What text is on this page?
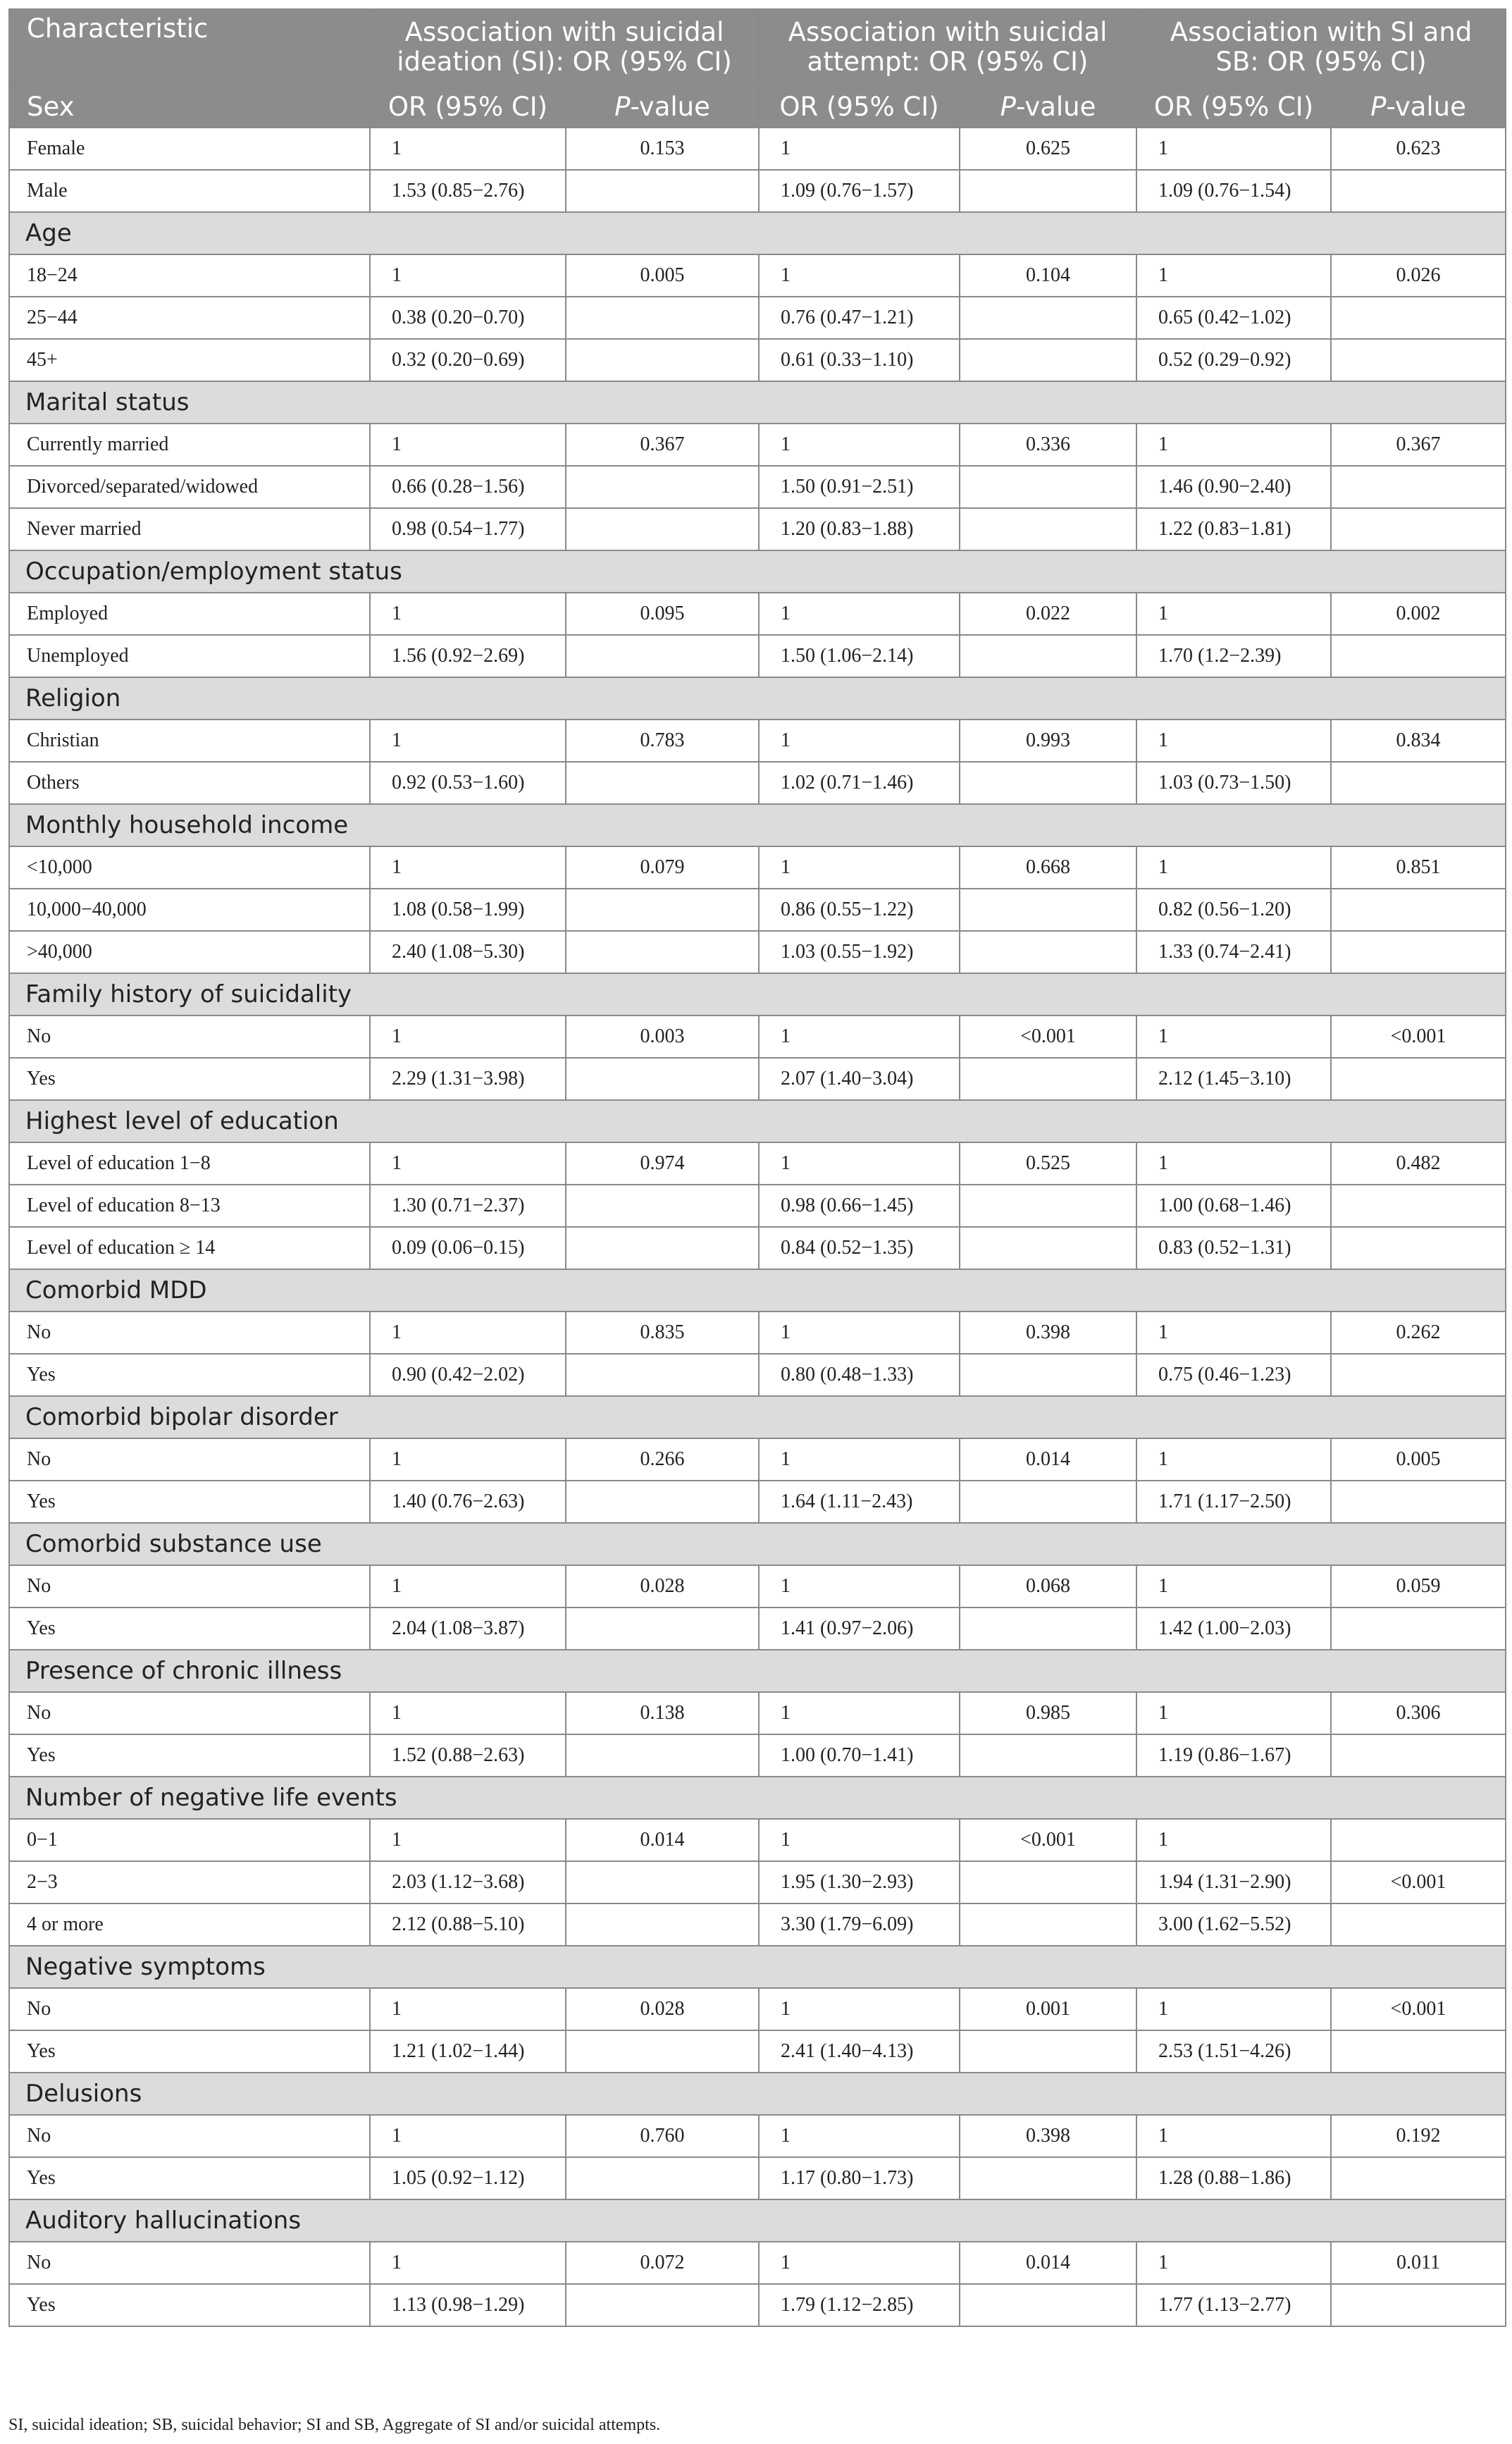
Characteristic	Association with suicidal ideation (SI): OR (95% CI)		Association with suicidal attempt: OR (95% CI)		Association with SI and SB: OR (95% CI)	
Sex	OR (95% CI)	P-value	OR (95% CI)	P-value	OR (95% CI)	P-value
Female	1	0.153	1	0.625	1	0.623
Male	1.53 (0.85−2.76)		1.09 (0.76−1.57)		1.09 (0.76−1.54)	
Age						
18−24	1	0.005	1	0.104	1	0.026
25−44	0.38 (0.20−0.70)		0.76 (0.47−1.21)		0.65 (0.42−1.02)	
45+	0.32 (0.20−0.69)		0.61 (0.33−1.10)		0.52 (0.29−0.92)	
Marital status						
Currently married	1	0.367	1	0.336	1	0.367
Divorced/separated/widowed	0.66 (0.28−1.56)		1.50 (0.91−2.51)		1.46 (0.90−2.40)	
Never married	0.98 (0.54−1.77)		1.20 (0.83−1.88)		1.22 (0.83−1.81)	
Occupation/employment status						
Employed	1	0.095	1	0.022	1	0.002
Unemployed	1.56 (0.92−2.69)		1.50 (1.06−2.14)		1.70 (1.2−2.39)	
Religion						
Christian	1	0.783	1	0.993	1	0.834
Others	0.92 (0.53−1.60)		1.02 (0.71−1.46)		1.03 (0.73−1.50)	
Monthly household income						
<10,000	1	0.079	1	0.668	1	0.851
10,000−40,000	1.08 (0.58−1.99)		0.86 (0.55−1.22)		0.82 (0.56−1.20)	
>40,000	2.40 (1.08−5.30)		1.03 (0.55−1.92)		1.33 (0.74−2.41)	
Family history of suicidality						
No	1	0.003	1	<0.001	1	<0.001
Yes	2.29 (1.31−3.98)		2.07 (1.40−3.04)		2.12 (1.45−3.10)	
Highest level of education						
Level of education 1−8	1	0.974	1	0.525	1	0.482
Level of education 8−13	1.30 (0.71−2.37)		0.98 (0.66−1.45)		1.00 (0.68−1.46)	
Level of education ≥ 14	0.09 (0.06−0.15)		0.84 (0.52−1.35)		0.83 (0.52−1.31)	
Comorbid MDD						
No	1	0.835	1	0.398	1	0.262
Yes	0.90 (0.42−2.02)		0.80 (0.48−1.33)		0.75 (0.46−1.23)	
Comorbid bipolar disorder						
No	1	0.266	1	0.014	1	0.005
Yes	1.40 (0.76−2.63)		1.64 (1.11−2.43)		1.71 (1.17−2.50)	
Comorbid substance use						
No	1	0.028	1	0.068	1	0.059
Yes	2.04 (1.08−3.87)		1.41 (0.97−2.06)		1.42 (1.00−2.03)	
Presence of chronic illness						
No	1	0.138	1	0.985	1	0.306
Yes	1.52 (0.88−2.63)		1.00 (0.70−1.41)		1.19 (0.86−1.67)	
Number of negative life events						
0−1	1	0.014	1	<0.001	1	
2−3	2.03 (1.12−3.68)		1.95 (1.30−2.93)		1.94 (1.31−2.90)	<0.001
4 or more	2.12 (0.88−5.10)		3.30 (1.79−6.09)		3.00 (1.62−5.52)	
Negative symptoms						
No	1	0.028	1	0.001	1	<0.001
Yes	1.21 (1.02−1.44)		2.41 (1.40−4.13)		2.53 (1.51−4.26)	
Delusions						
No	1	0.760	1	0.398	1	0.192
Yes	1.05 (0.92−1.12)		1.17 (0.80−1.73)		1.28 (0.88−1.86)	
Auditory hallucinations						
No	1	0.072	1	0.014	1	0.011
Yes	1.13 (0.98−1.29)		1.79 (1.12−2.85)		1.77 (1.13−2.77)	
SI, suicidal ideation; SB, suicidal behavior; SI and SB, Aggregate of SI and/or suicidal attempts.
